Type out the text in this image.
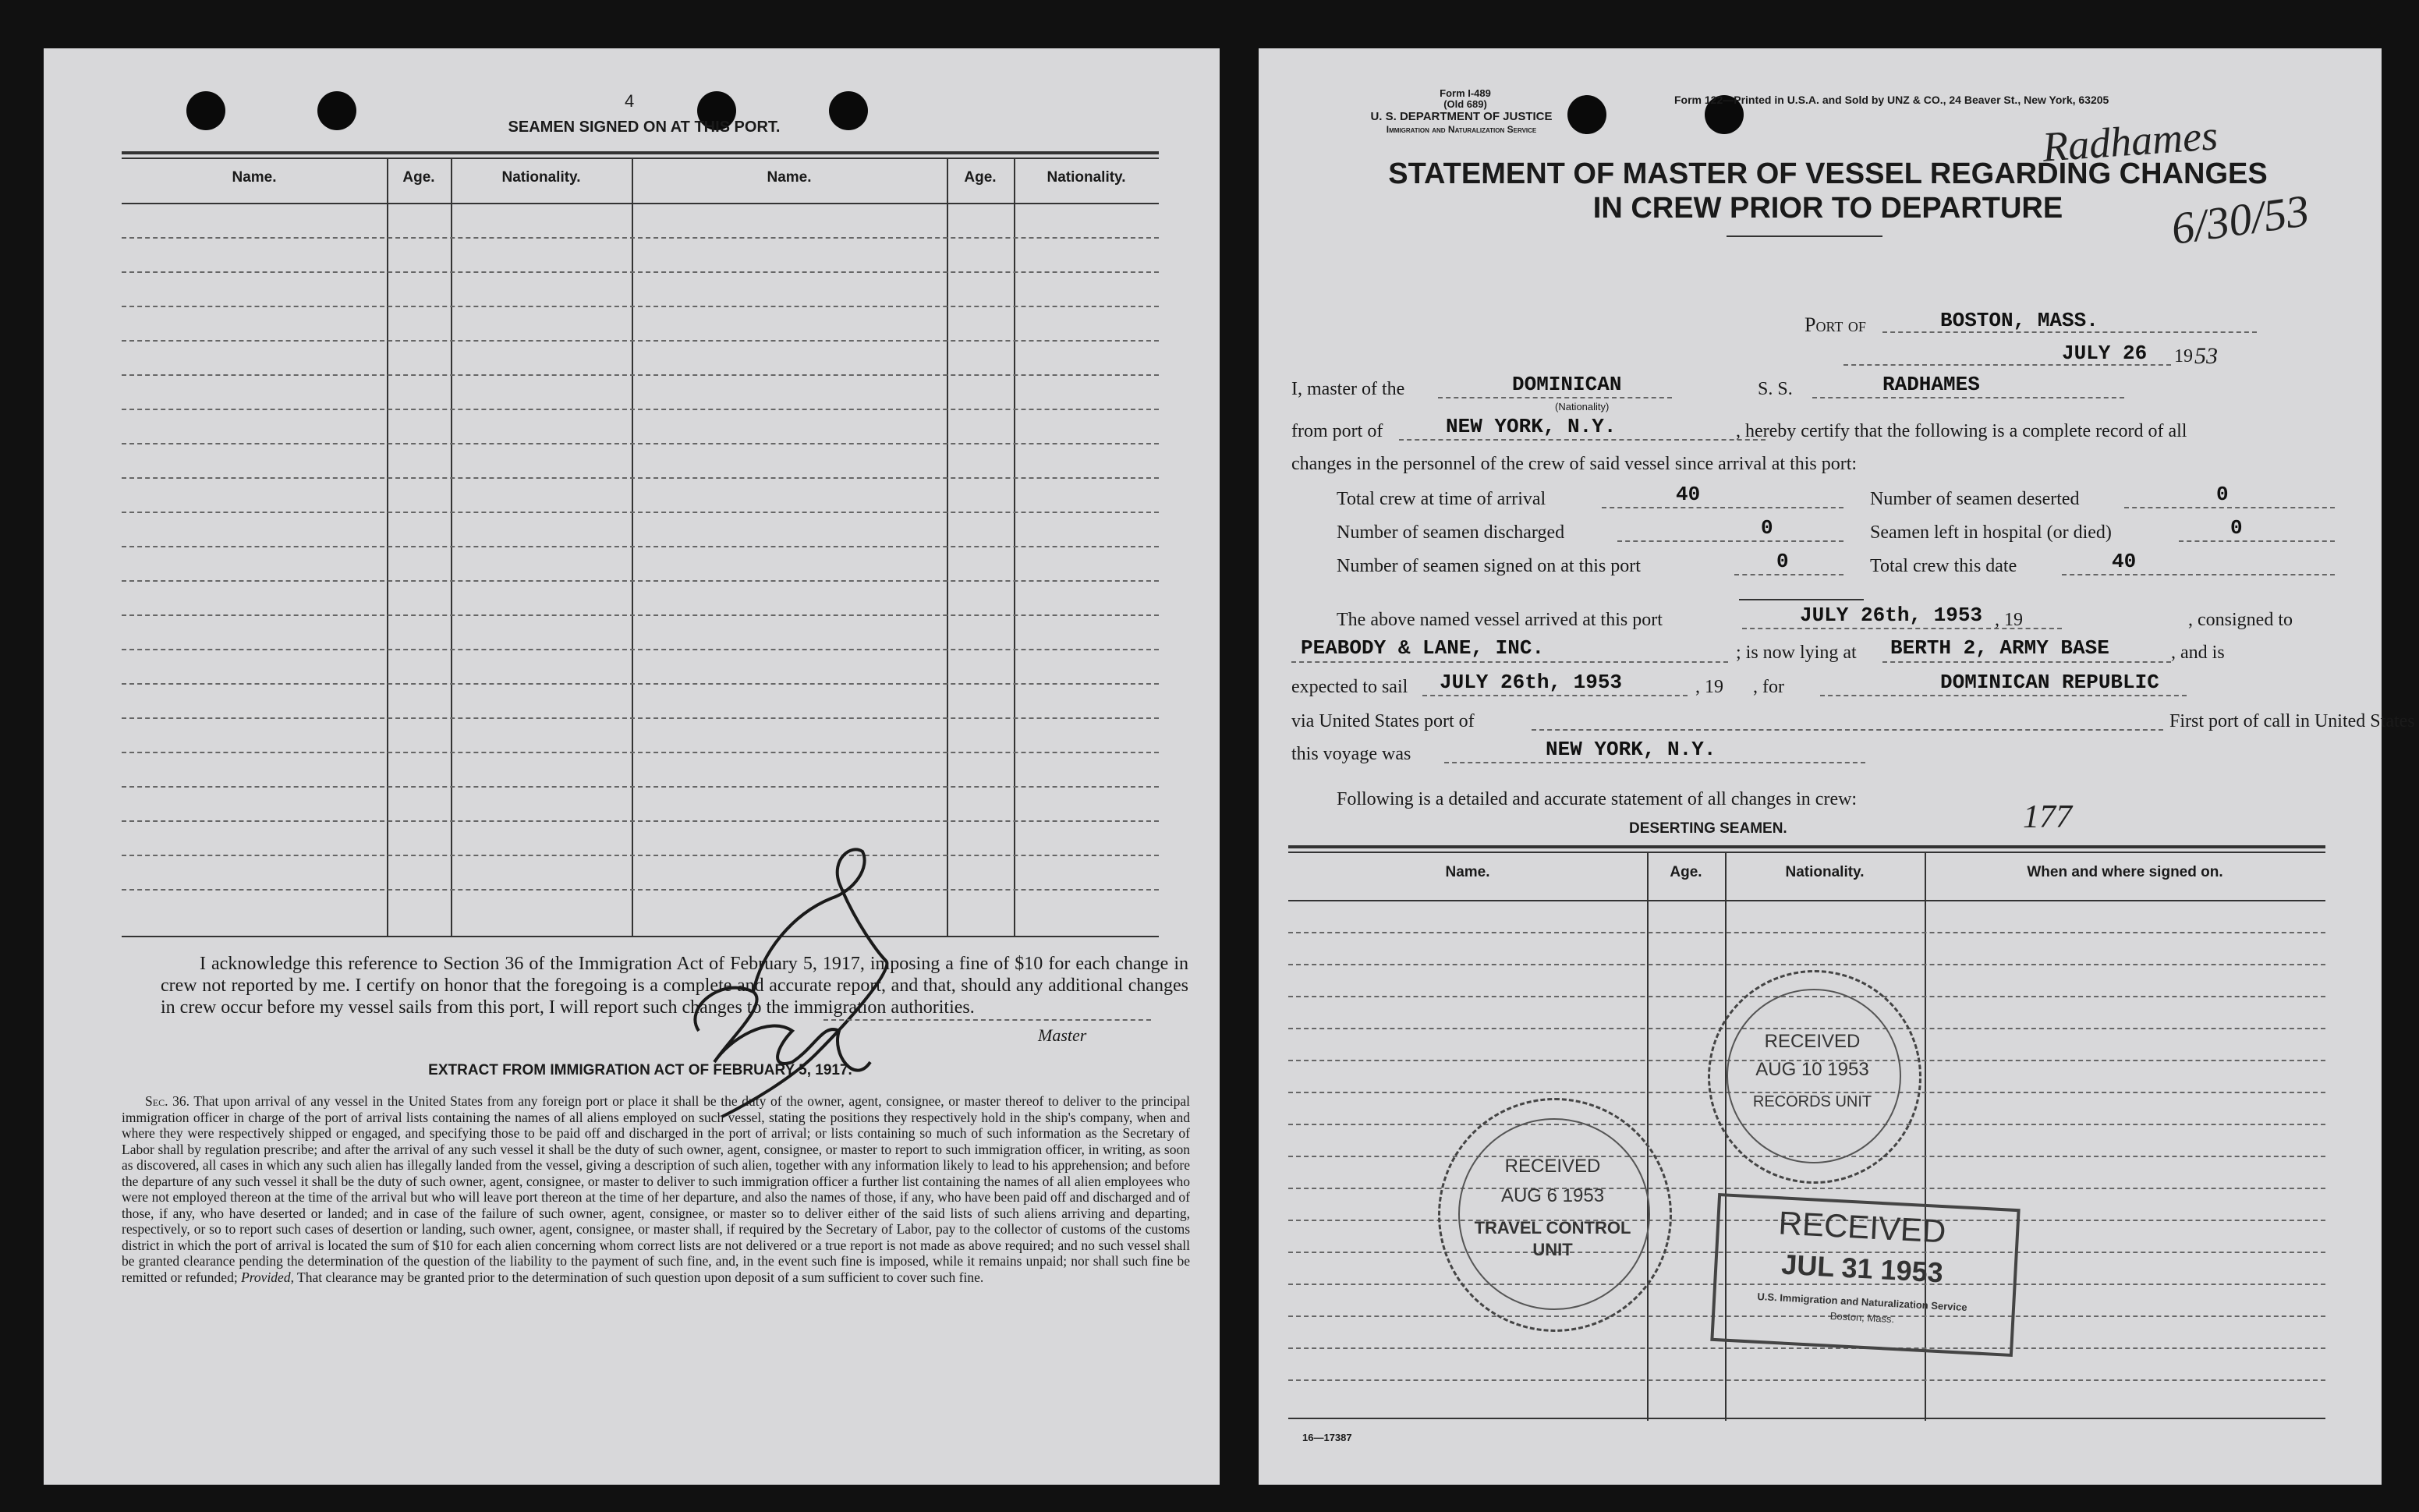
4
SEAMEN SIGNED ON AT THIS PORT.
Name.	Age.	Nationality.	Name.	Age.	Nationality.
I acknowledge this reference to Section 36 of the Immigration Act of February 5, 1917, imposing a fine of $10 for each change in crew not reported by me. I certify on honor that the foregoing is a complete and accurate report, and that, should any additional changes in crew occur before my vessel sails from this port, I will report such changes to the immigration authorities.
Master
EXTRACT FROM IMMIGRATION ACT OF FEBRUARY 5, 1917.
Sec. 36. That upon arrival of any vessel in the United States from any foreign port or place it shall be the duty of the owner, agent, consignee, or master thereof to deliver to the principal immigration officer in charge of the port of arrival lists containing the names of all aliens employed on such vessel, stating the positions they respectively hold in the ship's company, when and where they were respectively shipped or engaged, and specifying those to be paid off and discharged in the port of arrival; or lists containing so much of such information as the Secretary of Labor shall by regulation prescribe; and after the arrival of any such vessel it shall be the duty of such owner, agent, consignee, or master to report to such immigration officer, in writing, as soon as discovered, all cases in which any such alien has illegally landed from the vessel, giving a description of such alien, together with any information likely to lead to his apprehension; and before the departure of any such vessel it shall be the duty of such owner, agent, consignee, or master to deliver to such immigration officer a further list containing the names of all alien employees who were not employed thereon at the time of the arrival but who will leave port thereon at the time of her departure, and also the names of those, if any, who have been paid off and discharged and of those, if any, who have deserted or landed; and in case of the failure of such owner, agent, consignee, or master so to deliver either of the said lists of such aliens arriving and departing, respectively, or so to report such cases of desertion or landing, such owner, agent, consignee, or master shall, if required by the Secretary of Labor, pay to the collector of customs of the customs district in which the port of arrival is located the sum of $10 for each alien concerning whom correct lists are not delivered or a true report is not made as above required; and no such vessel shall be granted clearance pending the determination of the question of the liability to the payment of such fine, and, in the event such fine is imposed, while it remains unpaid; nor shall such fine be remitted or refunded; Provided, That clearance may be granted prior to the determination of such question upon deposit of a sum sufficient to cover such fine.
Form I-489
(Old 689)
U. S. DEPARTMENT OF JUSTICE
Immigration and Naturalization Service
Form 122—Printed in U.S.A. and Sold by UNZ & CO., 24 Beaver St., New York, 63205
Radhames
6/30/53
STATEMENT OF MASTER OF VESSEL REGARDING CHANGES
IN CREW PRIOR TO DEPARTURE
Port of	BOSTON, MASS.
JULY 26 19 53
I, master of the	DOMINICAN
(Nationality)
S. S.	RADHAMES
from port of	NEW YORK, N.Y.	, hereby certify that the following is a complete record of all
changes in the personnel of the crew of said vessel since arrival at this port:
Total crew at time of arrival	40	Number of seamen deserted	0
Number of seamen discharged	0	Seamen left in hospital (or died)	0
Number of seamen signed on at this port	0	Total crew this date	40
The above named vessel arrived at this port	JULY 26th, 1953 , 19	, consigned to
PEABODY & LANE, INC.	; is now lying at BERTH 2, ARMY BASE	, and is
expected to sail JULY 26th, 1953	, 19 , for	DOMINICAN REPUBLIC
via United States port of	First port of call in United States
this voyage was	NEW YORK, N.Y.
Following is a detailed and accurate statement of all changes in crew:	177
DESERTING SEAMEN.
Name.	Age.	Nationality.	When and where signed on.
RECEIVED
AUG 10 1953
RECORDS UNIT
RECEIVED
AUG 6 1953
TRAVEL CONTROL
UNIT	RECEIVED
JUL 31 1953
U.S. Immigration and Naturalization Service
Boston, Mass.
16—17387
